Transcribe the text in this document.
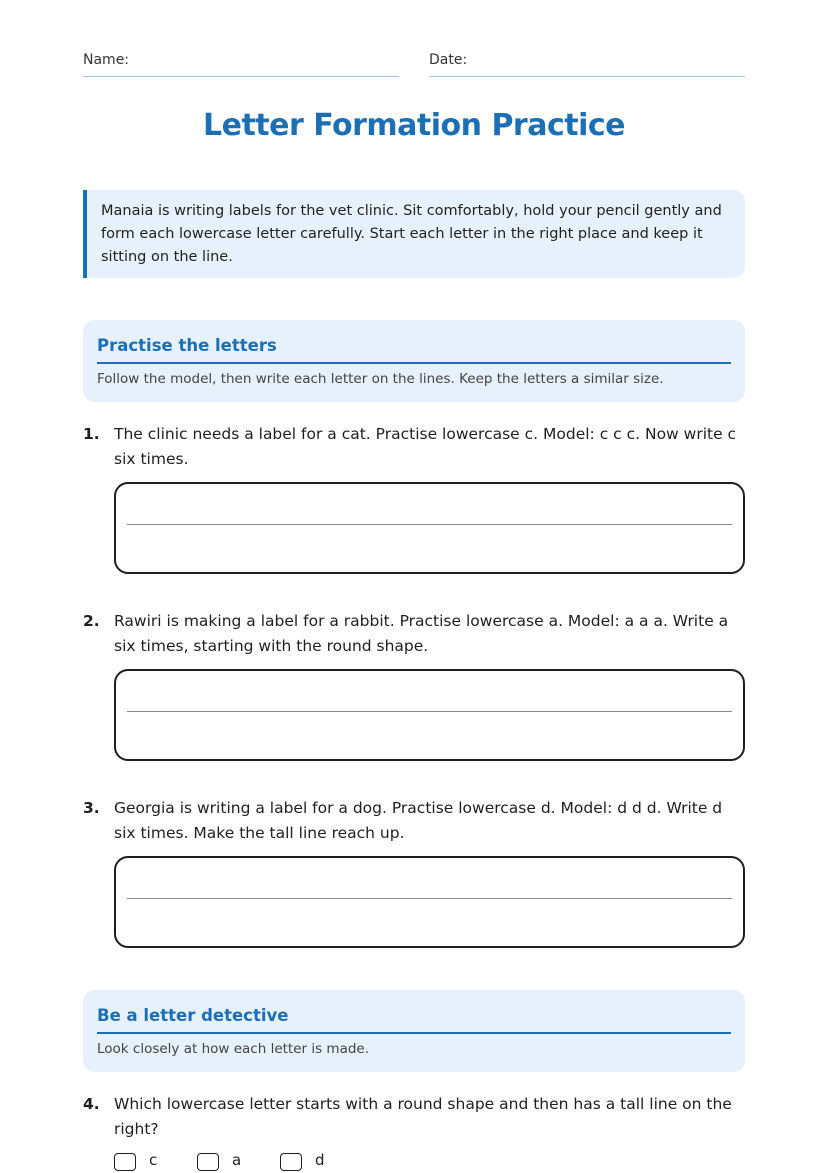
Name:	Date:
Letter Formation Practice
Manaia is writing labels for the vet clinic. Sit comfortably, hold your pencil gently and form each lowercase letter carefully. Start each letter in the right place and keep it sitting on the line.
Practise the letters
Follow the model, then write each letter on the lines. Keep the letters a similar size.
1. The clinic needs a label for a cat. Practise lowercase c. Model: c c c. Now write c six times.
2. Rawiri is making a label for a rabbit. Practise lowercase a. Model: a a a. Write a six times, starting with the round shape.
3. Georgia is writing a label for a dog. Practise lowercase d. Model: d d d. Write d six times. Make the tall line reach up.
Be a letter detective
Look closely at how each letter is made.
4. Which lowercase letter starts with a round shape and then has a tall line on the right?
c	a	d
